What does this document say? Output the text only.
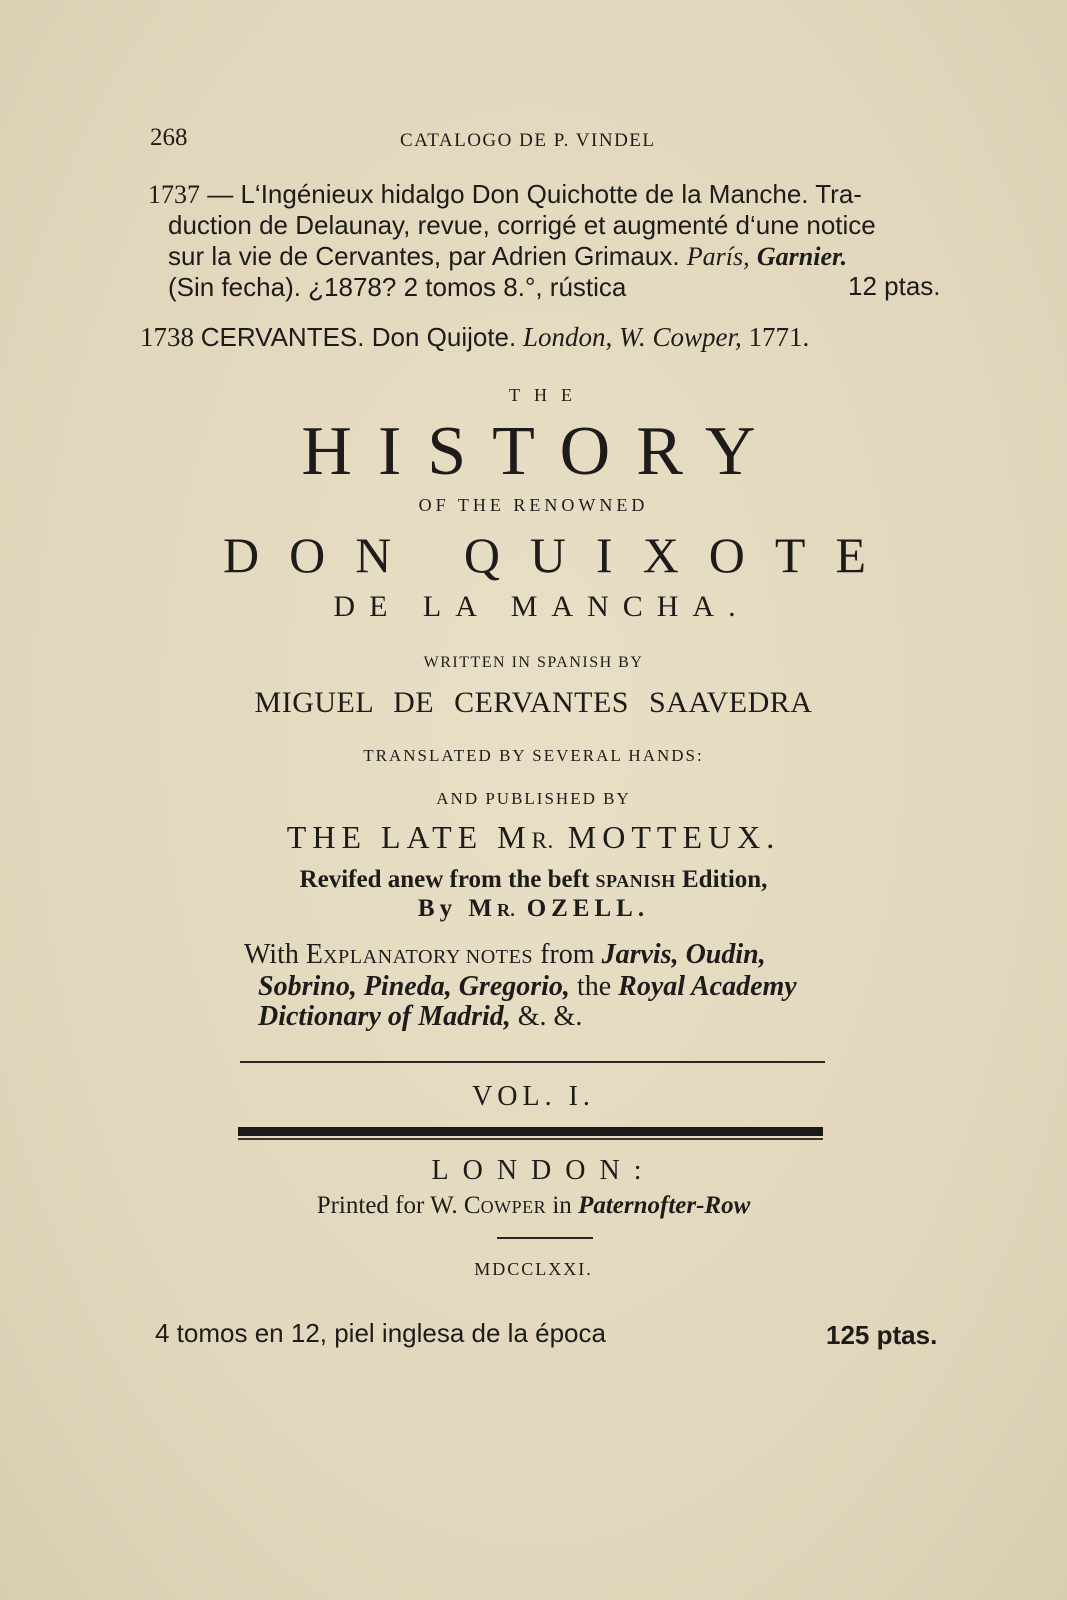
268	CATALOGO DE P. VINDEL
1737 — L‘Ingénieux hidalgo Don Quichotte de la Manche. Tra-
duction de Delaunay, revue, corrigé et augmenté d‘une notice
sur la vie de Cervantes, par Adrien Grimaux. París, Garnier.
(Sin fecha). ¿1878? 2 tomos 8.°, rústica	12 ptas.
1738 CERVANTES. Don Quijote. London, W. Cowper, 1771.
THE
HISTORY
OF THE RENOWNED
DON QUIXOTE
DE LA MANCHA.
WRITTEN IN SPANISH BY
MIGUEL DE CERVANTES SAAVEDRA
TRANSLATED BY SEVERAL HANDS:
AND PUBLISHED BY
THE LATE MR. MOTTEUX.
Revifed anew from the beft SPANISH Edition,
By MR. OZELL.
With EXPLANATORY NOTES from Jarvis, Oudin,
Sobrino, Pineda, Gregorio, the Royal Academy
Dictionary of Madrid, &. &.
VOL. I.
LONDON:
Printed for W. COWPER in Paternofter-Row
MDCCLXXI.
4 tomos en 12, piel inglesa de la época	125 ptas.
